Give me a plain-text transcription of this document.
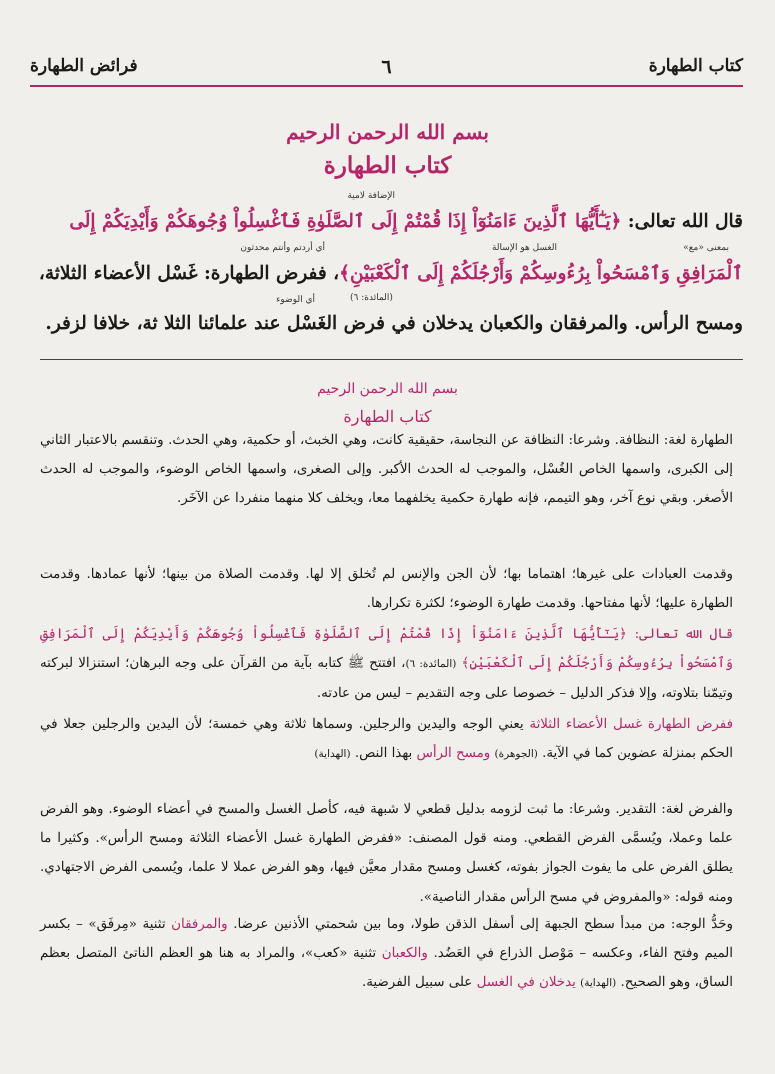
كتاب الطهارة
٦
فرائض الطهارة
بسم الله الرحمن الرحيم
كتاب الطهارة
الإضافة لامية
أي أردتم وأنتم محدثون	الغسل هو الإسالة	بمعنى «مع»
أي الوضوء
قال الله تعالى: ﴿يَـٰٓأَيُّهَا ٱلَّذِينَ ءَامَنُوٓاْ إِذَا قُمْتُمْ إِلَى ٱلصَّلَوٰةِ فَٱغْسِلُواْ وُجُوهَكُمْ وَأَيْدِيَكُمْ إِلَى
ٱلْمَرَافِقِ وَٱمْسَحُواْ بِرُءُوسِكُمْ وَأَرْجُلَكُمْ إِلَى ٱلْكَعْبَيْنِ﴾، ففرض الطهارة: غَسْل الأعضاء الثلاثة،
(المائدة: ٦)
ومسح الرأس. والمرفقان والكعبان يدخلان في فرض الغَسْل عند علمائنا الثلا ثة، خلافا لزفر.
بسم الله الرحمن الرحيم
كتاب الطهارة

الطهارة لغة: النظافة. وشرعا: النظافة عن النجاسة، حقيقية كانت، وهي الخبث، أو حكمية، وهي الحدث. وتنقسم بالاعتبار الثاني إلى الكبرى، واسمها الخاص الغُسْل، والموجب له الحدث الأكبر. وإلى الصغرى، واسمها الخاص الوضوء، والموجب له الحدث الأصغر. وبقي نوع آخر، وهو التيمم، فإنه طهارة حكمية يخلفهما معا، ويخلف كلا منهما منفردا عن الآخَر.

وقدمت العبادات على غيرها؛ اهتماما بها؛ لأن الجن والإنس لم تُخلق إلا لها. وقدمت الصلاة من بينها؛ لأنها عمادها. وقدمت الطهارة عليها؛ لأنها مفتاحها. وقدمت طهارة الوضوء؛ لكثرة تكرارها.

قال الله تعالى: ﴿يَـٰٓأَيُّهَا ٱلَّذِينَ ءَامَنُوٓاْ إِذَا قُمْتُمْ إِلَى ٱلصَّلَوٰةِ فَٱغْسِلُواْ وُجُوهَكُمْ وَأَيْدِيَكُمْ إِلَى ٱلْمَرَافِقِ وَٱمْسَحُواْ بِرُءُوسِكُمْ وَأَرْجُلَكُمْ إِلَى ٱلْكَعْبَيْنِ﴾ (المائدة: ٦)، افتتح ﷺ كتابه بآية من القرآن على وجه البرهان؛ استنزالا لبركته وتيمّنا بتلاوته، وإلا فذكر الدليل – خصوصا على وجه التقديم – ليس من عادته.

ففرض الطهارة غسل الأعضاء الثلاثة يعني الوجه واليدين والرجلين. وسماها ثلاثة وهي خمسة؛ لأن اليدين والرجلين جعلا في الحكم بمنزلة عضوين كما في الآية. (الجوهرة) ومسح الرأس بهذا النص. (الهداية)

والفرض لغة: التقدير. وشرعا: ما ثبت لزومه بدليل قطعي لا شبهة فيه، كأصل الغسل والمسح في أعضاء الوضوء. وهو الفرض علما وعملا، ويُسمَّى الفرض القطعي. ومنه قول المصنف: «ففرض الطهارة غسل الأعضاء الثلاثة ومسح الرأس». وكثيرا ما يطلق الفرض على ما يفوت الجواز بفوته، كغسل ومسح مقدار معيَّن فيها، وهو الفرض عملا لا علما، ويُسمى الفرض الاجتهادي. ومنه قوله: «والمفروض في مسح الرأس مقدار الناصية».

وحَدُّ الوجه: من مبدأ سطح الجبهة إلى أسفل الذقن طولا، وما بين شحمتي الأذنين عرضا. والمرفقان تثنية «مِرفَق» – بكسر الميم وفتح الفاء، وعكسه – مَوْصل الذراع في العَضُد. والكعبان تثنية «كعب»، والمراد به هنا هو العظم الناتئ المتصل بعظم الساق، وهو الصحيح. (الهداية) يدخلان في الغسل على سبيل الفرضية.
